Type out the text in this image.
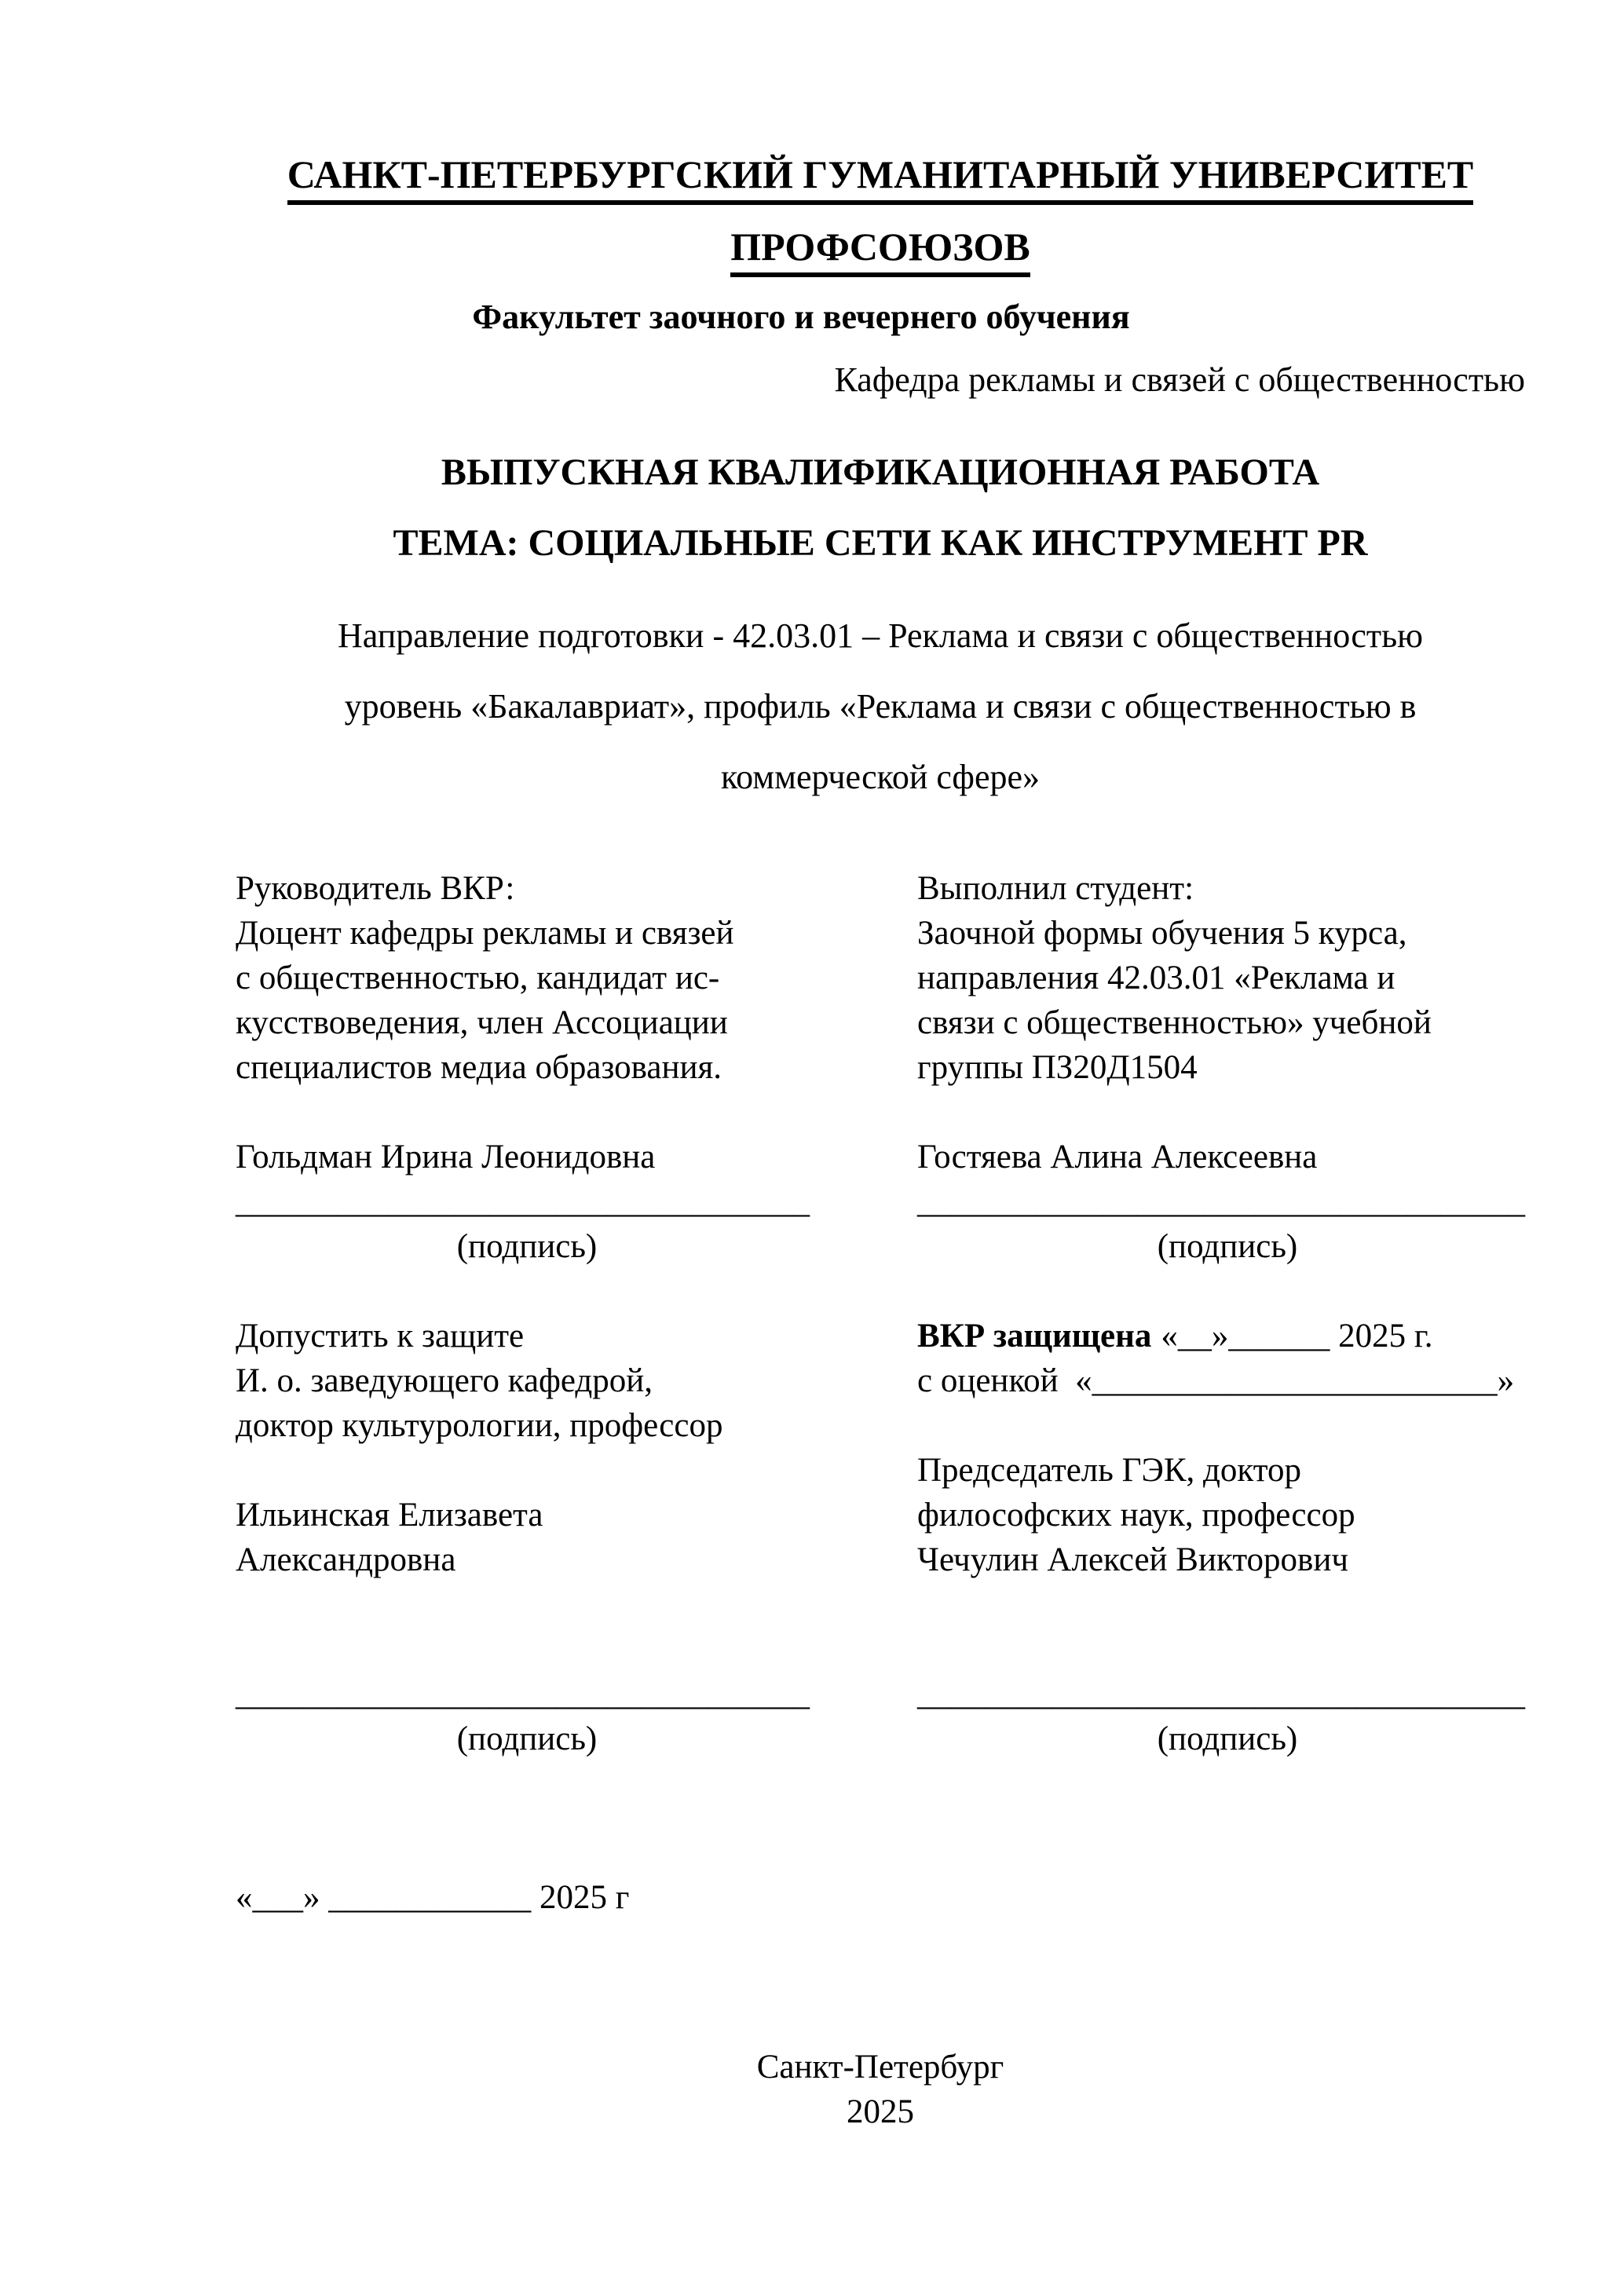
САНКТ-ПЕТЕРБУРГСКИЙ ГУМАНИТАРНЫЙ УНИВЕРСИТЕТ
ПРОФСОЮЗОВ
Факультет заочного и вечернего обучения
Кафедра рекламы и связей с общественностью
ВЫПУСКНАЯ КВАЛИФИКАЦИОННАЯ РАБОТА
ТЕМА: СОЦИАЛЬНЫЕ СЕТИ КАК ИНСТРУМЕНТ PR
Направление подготовки - 42.03.01 – Реклама и связи с общественностью
уровень «Бакалавриат», профиль «Реклама и связи с общественностью в
коммерческой сфере»
Руководитель ВКР:
Доцент кафедры рекламы и связей
с общественностью, кандидат ис-
кусствоведения, член Ассоциации
специалистов медиа образования.
Гольдман Ирина Леонидовна
__________________________________
(подпись)
Допустить к защите
И. о. заведующего кафедрой,
доктор культурологии, профессор
Ильинская Елизавета
Александровна
__________________________________
(подпись)
Выполнил студент:
Заочной формы обучения 5 курса,
направления 42.03.01 «Реклама и
связи с общественностью» учебной
группы ПЗ20Д1504
Гостяева Алина Алексеевна
____________________________________
(подпись)
ВКР защищена «__»______ 2025 г.
с оценкой  «________________________»
Председатель ГЭК, доктор
философских наук, профессор
Чечулин Алексей Викторович
____________________________________
(подпись)
«___» ____________ 2025 г
Санкт-Петербург
2025
